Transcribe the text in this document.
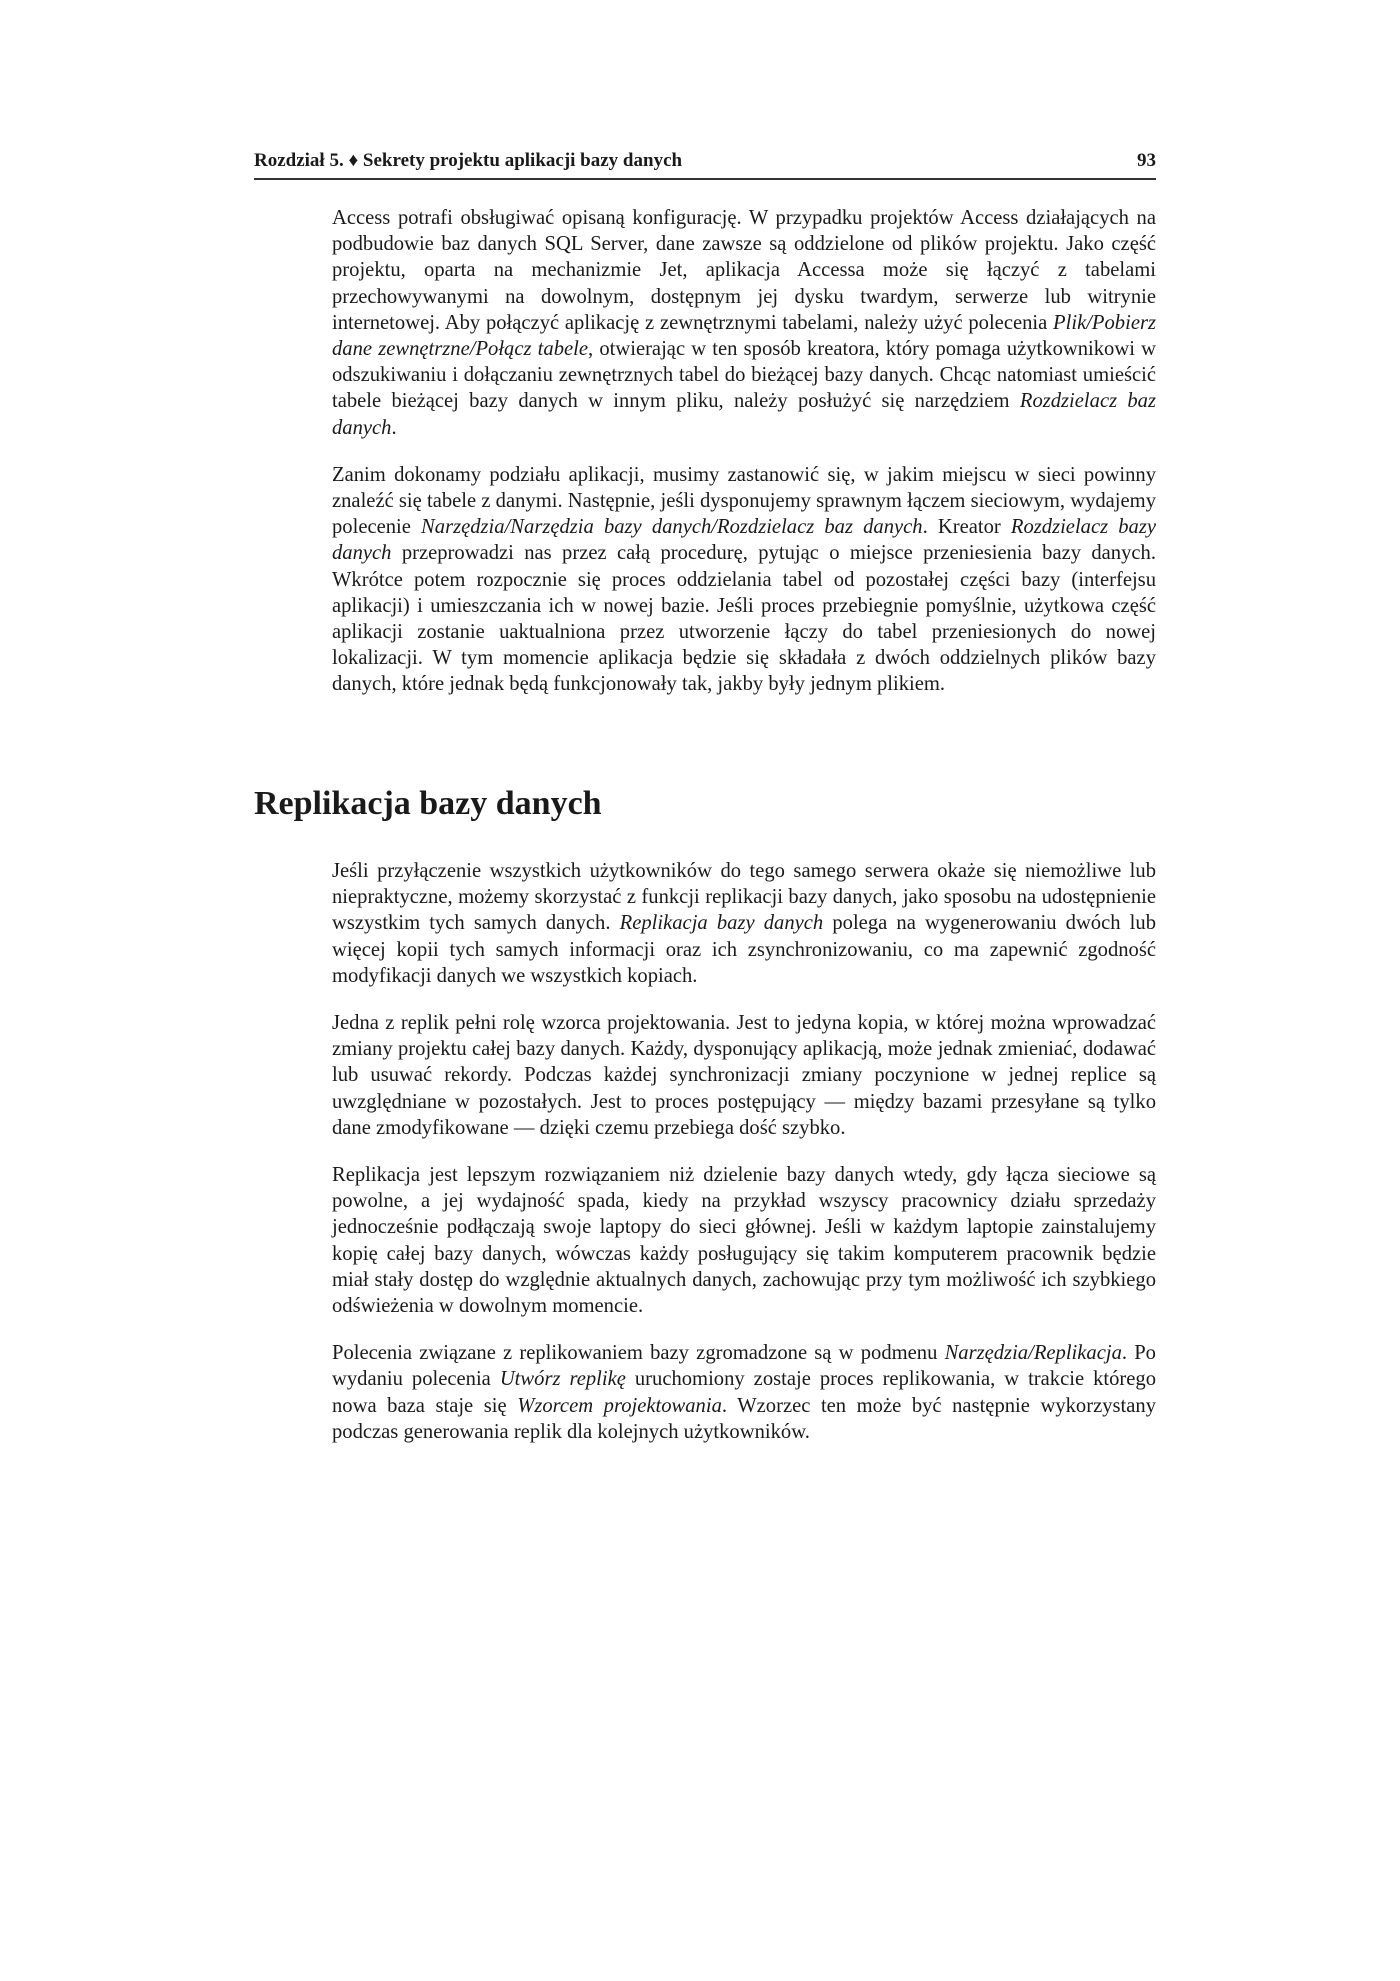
Rozdział 5. ♦ Sekrety projektu aplikacji bazy danych	93

Access potrafi obsługiwać opisaną konfigurację. W przypadku projektów Access działających na podbudowie baz danych SQL Server, dane zawsze są oddzielone od plików projektu. Jako część projektu, oparta na mechanizmie Jet, aplikacja Accessa może się łączyć z tabelami przechowywanymi na dowolnym, dostępnym jej dysku twardym, serwerze lub witrynie internetowej. Aby połączyć aplikację z zewnętrznymi tabelami, należy użyć polecenia Plik/Pobierz dane zewnętrzne/Połącz tabele, otwierając w ten sposób kreatora, który pomaga użytkownikowi w odszukiwaniu i dołączaniu zewnętrznych tabel do bieżącej bazy danych. Chcąc natomiast umieścić tabele bieżącej bazy danych w innym pliku, należy posłużyć się narzędziem Rozdzielacz baz danych.

Zanim dokonamy podziału aplikacji, musimy zastanowić się, w jakim miejscu w sieci powinny znaleźć się tabele z danymi. Następnie, jeśli dysponujemy sprawnym łączem sieciowym, wydajemy polecenie Narzędzia/Narzędzia bazy danych/Rozdzielacz baz danych. Kreator Rozdzielacz bazy danych przeprowadzi nas przez całą procedurę, pytując o miejsce przeniesienia bazy danych. Wkrótce potem rozpocznie się proces oddzielania tabel od pozostałej części bazy (interfejsu aplikacji) i umieszczania ich w nowej bazie. Jeśli proces przebiegnie pomyślnie, użytkowa część aplikacji zostanie uaktualniona przez utworzenie łączy do tabel przeniesionych do nowej lokalizacji. W tym momencie aplikacja będzie się składała z dwóch oddzielnych plików bazy danych, które jednak będą funkcjonowały tak, jakby były jednym plikiem.

Replikacja bazy danych

Jeśli przyłączenie wszystkich użytkowników do tego samego serwera okaże się niemożliwe lub niepraktyczne, możemy skorzystać z funkcji replikacji bazy danych, jako sposobu na udostępnienie wszystkim tych samych danych. Replikacja bazy danych polega na wygenerowaniu dwóch lub więcej kopii tych samych informacji oraz ich zsynchronizowaniu, co ma zapewnić zgodność modyfikacji danych we wszystkich kopiach.

Jedna z replik pełni rolę wzorca projektowania. Jest to jedyna kopia, w której można wprowadzać zmiany projektu całej bazy danych. Każdy, dysponujący aplikacją, może jednak zmieniać, dodawać lub usuwać rekordy. Podczas każdej synchronizacji zmiany poczynione w jednej replice są uwzględniane w pozostałych. Jest to proces postępujący — między bazami przesyłane są tylko dane zmodyfikowane — dzięki czemu przebiega dość szybko.

Replikacja jest lepszym rozwiązaniem niż dzielenie bazy danych wtedy, gdy łącza sieciowe są powolne, a jej wydajność spada, kiedy na przykład wszyscy pracownicy działu sprzedaży jednocześnie podłączają swoje laptopy do sieci głównej. Jeśli w każdym laptopie zainstalujemy kopię całej bazy danych, wówczas każdy posługujący się takim komputerem pracownik będzie miał stały dostęp do względnie aktualnych danych, zachowując przy tym możliwość ich szybkiego odświeżenia w dowolnym momencie.

Polecenia związane z replikowaniem bazy zgromadzone są w podmenu Narzędzia/Replikacja. Po wydaniu polecenia Utwórz replikę uruchomiony zostaje proces replikowania, w trakcie którego nowa baza staje się Wzorcem projektowania. Wzorzec ten może być następnie wykorzystany podczas generowania replik dla kolejnych użytkowników.
